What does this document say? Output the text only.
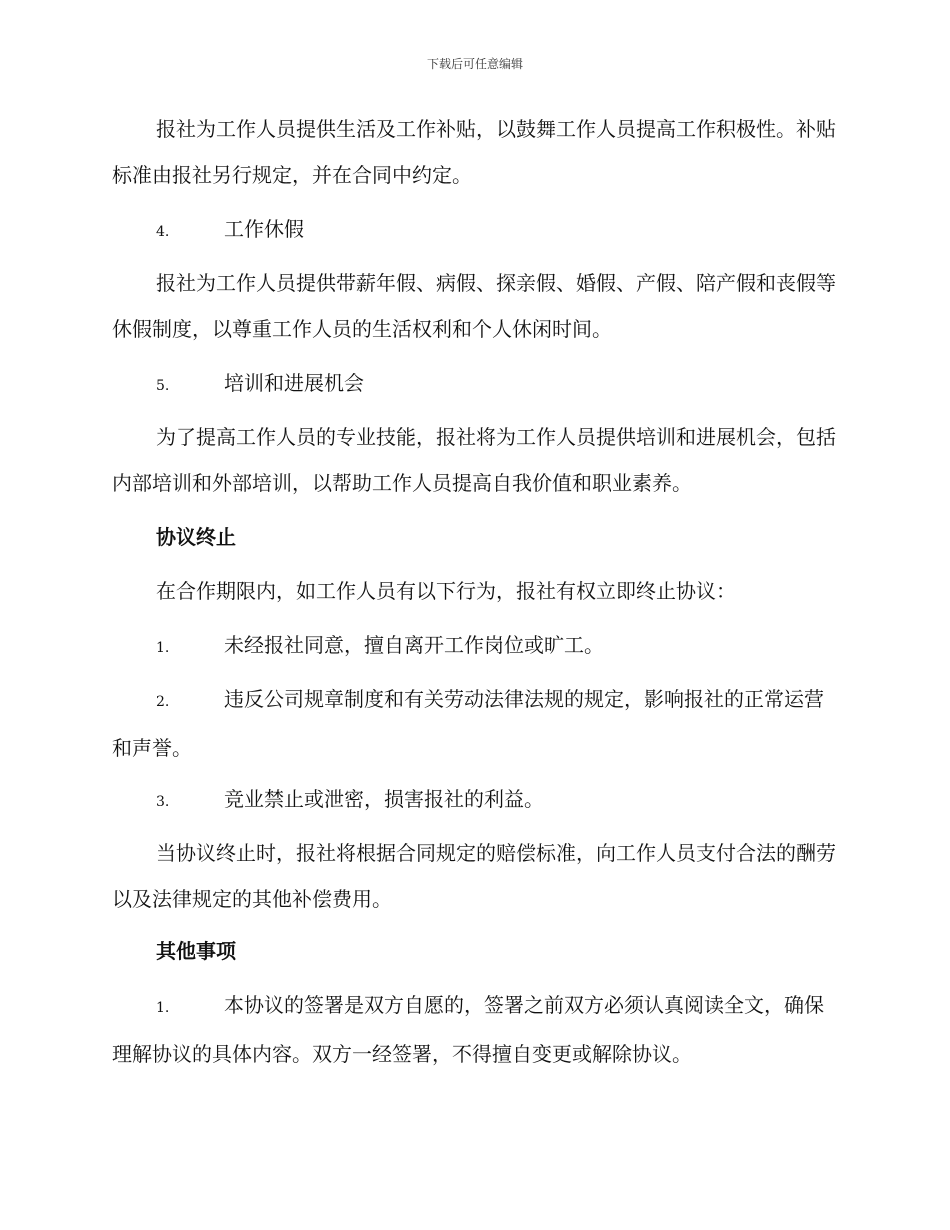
下载后可任意编辑
报社为工作人员提供生活及工作补贴，以鼓舞工作人员提高工作积极性。补贴标准由报社另行规定，并在合同中约定。
4.	工作休假
报社为工作人员提供带薪年假、病假、探亲假、婚假、产假、陪产假和丧假等休假制度，以尊重工作人员的生活权利和个人休闲时间。
5.	培训和进展机会
为了提高工作人员的专业技能，报社将为工作人员提供培训和进展机会，包括内部培训和外部培训，以帮助工作人员提高自我价值和职业素养。
协议终止
在合作期限内，如工作人员有以下行为，报社有权立即终止协议：
1.	未经报社同意，擅自离开工作岗位或旷工。
2.	违反公司规章制度和有关劳动法律法规的规定，影响报社的正常运营和声誉。
3.	竞业禁止或泄密，损害报社的利益。
当协议终止时，报社将根据合同规定的赔偿标准，向工作人员支付合法的酬劳以及法律规定的其他补偿费用。
其他事项
1.	本协议的签署是双方自愿的，签署之前双方必须认真阅读全文，确保理解协议的具体内容。双方一经签署，不得擅自变更或解除协议。
